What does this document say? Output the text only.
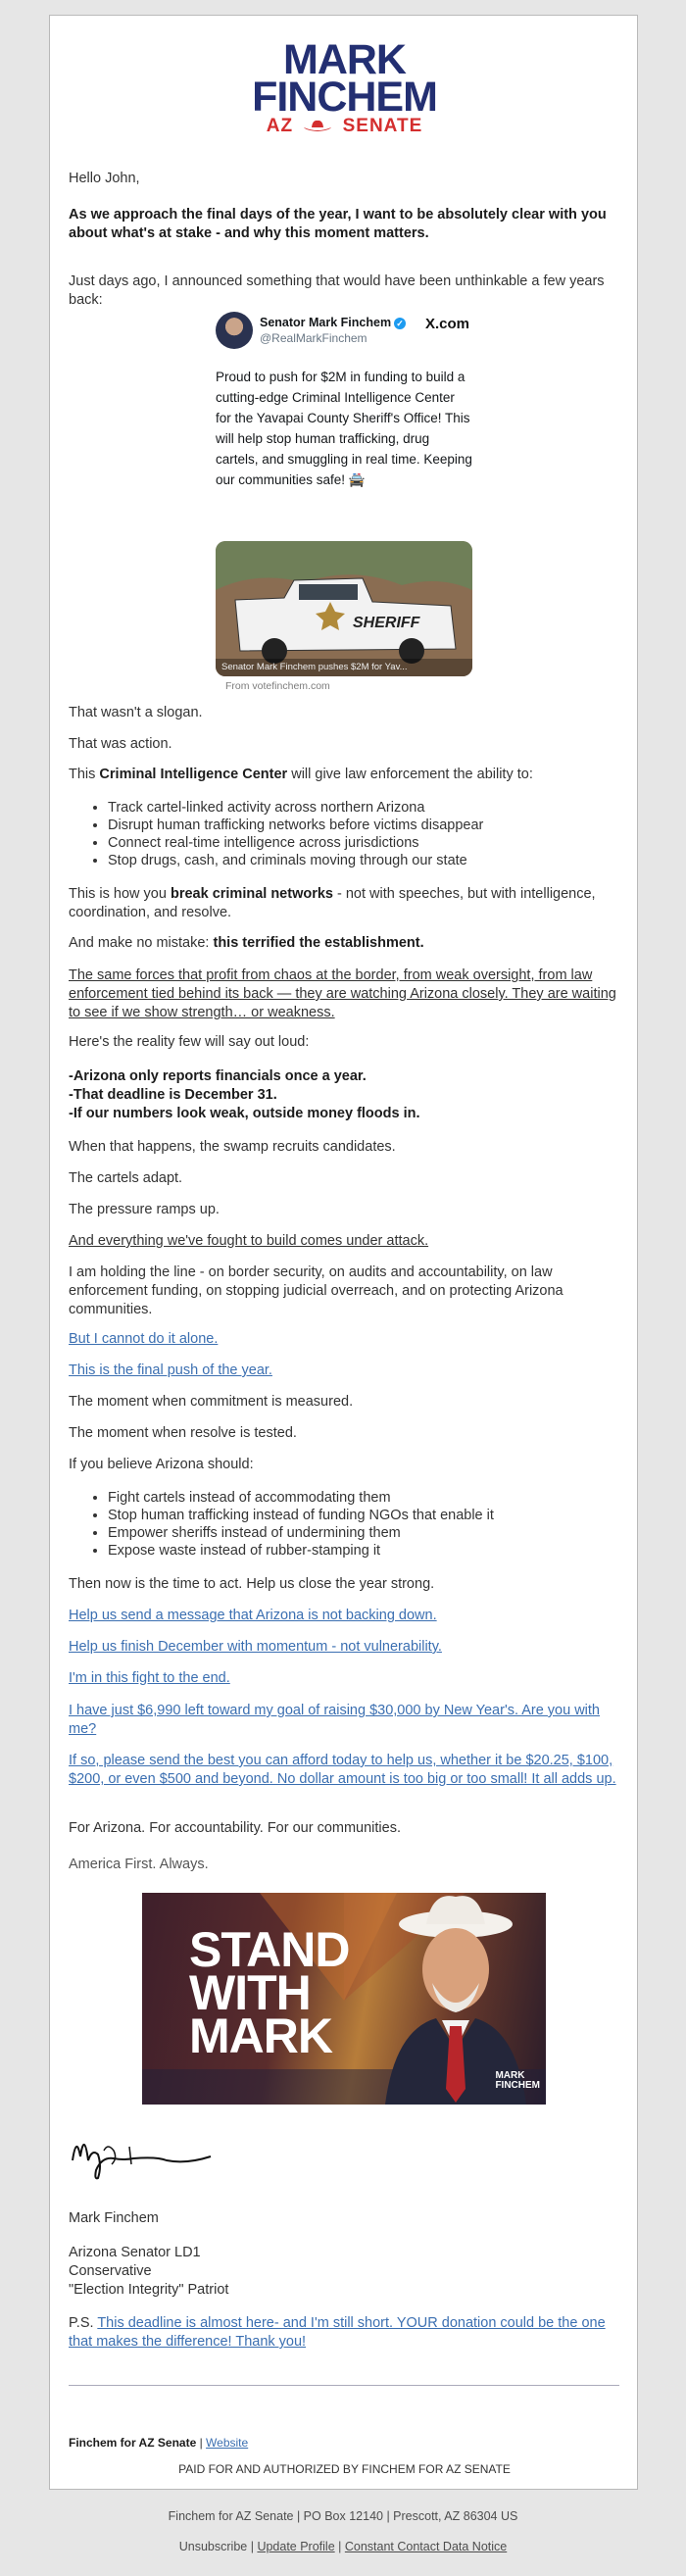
MARK
FINCHEM
AZ	SENATE

Hello John,

As we approach the final days of the year, I want to be absolutely clear with you about what's at stake - and why this moment matters.

Just days ago, I announced something that would have been unthinkable a few years back:

Senator Mark Finchem ✓
@RealMarkFinchem
X.com
Proud to push for $2M in funding to build a cutting-edge Criminal Intelligence Center for the Yavapai County Sheriff's Office! This will help stop human trafficking, drug cartels, and smuggling in real time. Keeping our communities safe! 🚔
SHERIFF
Senator Mark Finchem pushes $2M for Yav...
From votefinchem.com

That wasn't a slogan.

That was action.

This Criminal Intelligence Center will give law enforcement the ability to:

• Track cartel-linked activity across northern Arizona
• Disrupt human trafficking networks before victims disappear
• Connect real-time intelligence across jurisdictions
• Stop drugs, cash, and criminals moving through our state

This is how you break criminal networks - not with speeches, but with intelligence, coordination, and resolve.

And make no mistake: this terrified the establishment.

The same forces that profit from chaos at the border, from weak oversight, from law enforcement tied behind its back — they are watching Arizona closely. They are waiting to see if we show strength… or weakness.

Here's the reality few will say out loud:

-Arizona only reports financials once a year.

-That deadline is December 31.

-If our numbers look weak, outside money floods in.

When that happens, the swamp recruits candidates.

The cartels adapt.

The pressure ramps up.

And everything we've fought to build comes under attack.

I am holding the line - on border security, on audits and accountability, on law enforcement funding, on stopping judicial overreach, and on protecting Arizona communities.

But I cannot do it alone.

This is the final push of the year.

The moment when commitment is measured.

The moment when resolve is tested.

If you believe Arizona should:

• Fight cartels instead of accommodating them
• Stop human trafficking instead of funding NGOs that enable it
• Empower sheriffs instead of undermining them
• Expose waste instead of rubber-stamping it

Then now is the time to act. Help us close the year strong.

Help us send a message that Arizona is not backing down.

Help us finish December with momentum - not vulnerability.

I'm in this fight to the end.

I have just $6,990 left toward my goal of raising $30,000 by New Year's. Are you with me?

If so, please send the best you can afford today to help us, whether it be $20.25, $100, $200, or even $500 and beyond. No dollar amount is too big or too small! It all adds up.

For Arizona. For accountability. For our communities.

America First. Always.

STAND
WITH
MARK
MARK
FINCHEM

Mark Finchem

Arizona Senator LD1

Conservative

"Election Integrity" Patriot

P.S. This deadline is almost here- and I'm still short. YOUR donation could be the one that makes the difference! Thank you!

Finchem for AZ Senate | Website

PAID FOR AND AUTHORIZED BY FINCHEM FOR AZ SENATE

Finchem for AZ Senate | PO Box 12140 | Prescott, AZ 86304 US
Unsubscribe | Update Profile | Constant Contact Data Notice
